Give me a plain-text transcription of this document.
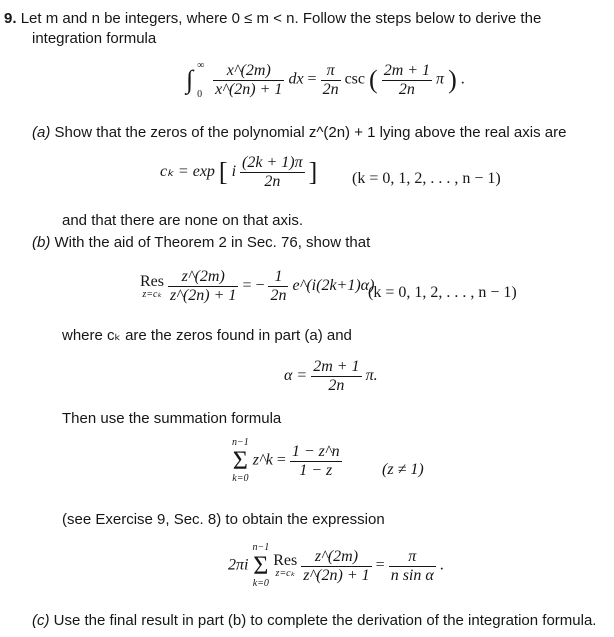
9. Let m and n be integers, where 0 ≤ m < n. Follow the steps below to derive the
integration formula
∫ ∞
0
$\frac{x\^{}(2m)}{x\^{}(2n) + 1}$ dx = $\frac{\pi}{2n}$ csc ( $\frac{2m + 1}{2n}$ π ) .
(a) Show that the zeros of the polynomial z^(2n) + 1 lying above the real axis are
cₖ = exp [ i $\frac{(2k + 1)\pi}{2n}$ ] (k = 0, 1, 2, . . . , n − 1)
and that there are none on that axis.
(b) With the aid of Theorem 2 in Sec. 76, show that
Res
z=cₖ
$\frac{z\^{}(2m)}{z\^{}(2n) + 1}$ = − $\frac{1}{2n}$ e^(i(2k+1)α)
(k = 0, 1, 2, . . . , n − 1)
where cₖ are the zeros found in part (a) and
$\alpha = \frac{2m + 1}{2n} \pi$.
Then use the summation formula
n−1
Σ
k=0
z^k = $\frac{1 - z\^{}n}{1 - z}$	(z ≠ 1)
(see Exercise 9, Sec. 8) to obtain the expression
2πi
n−1
Σ
k=0

Res
z=cₖ
$\frac{z\^{}(2m)}{z\^{}(2n) + 1} = \frac{\pi}{\text{n sin α}}$ .
(c) Use the final result in part (b) to complete the derivation of the integration formula.
